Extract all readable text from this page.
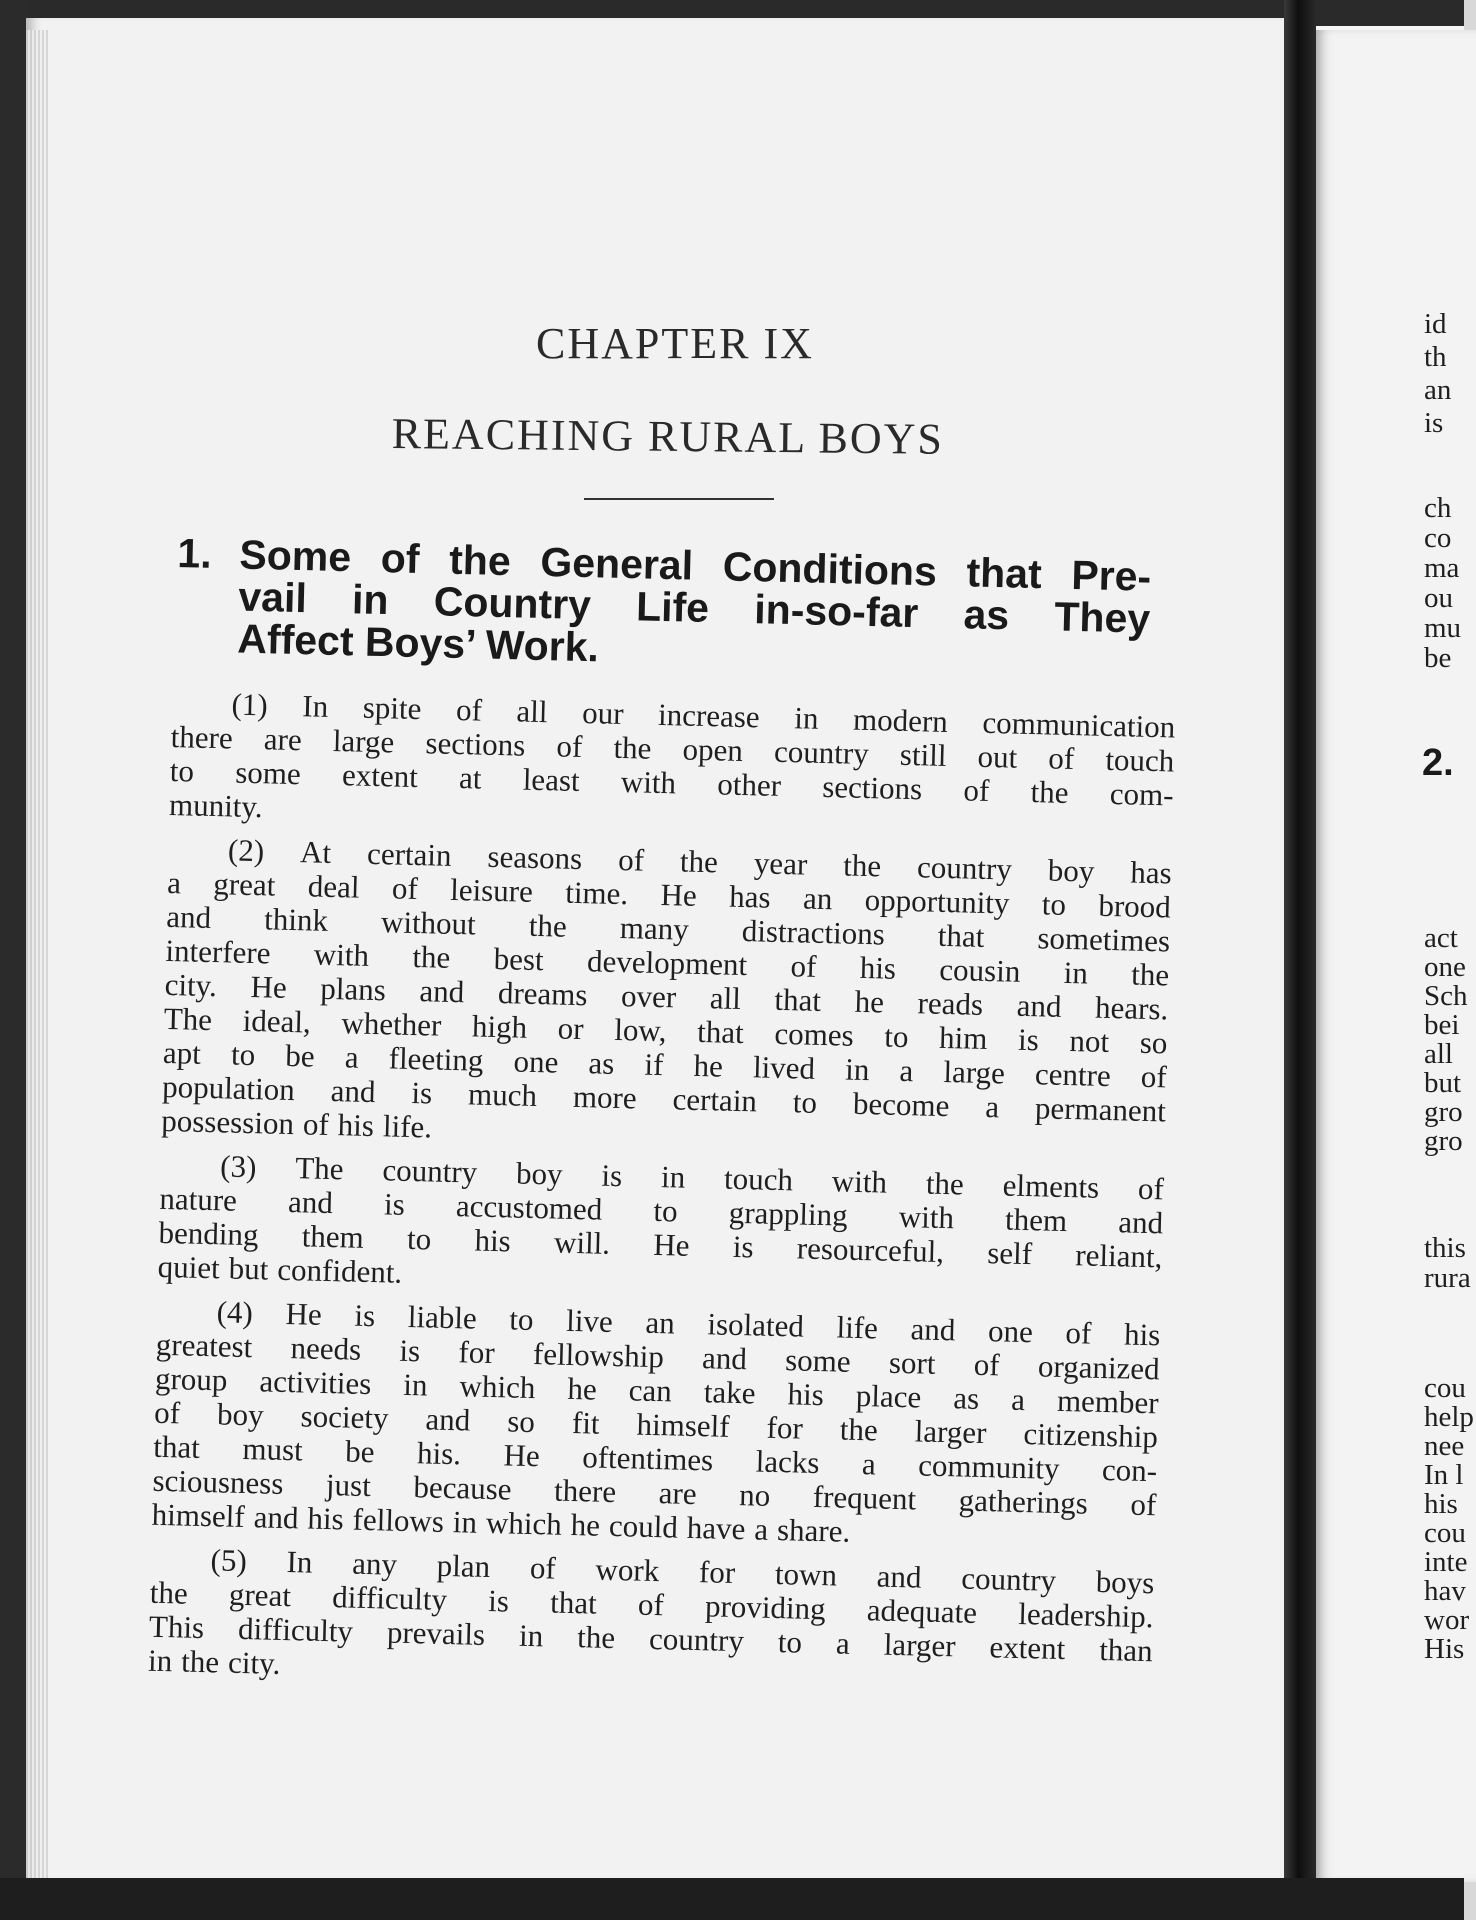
CHAPTER IX
REACHING RURAL BOYS
1. Some of the General Conditions that Pre-
vail in Country Life in-so-far as They
Affect Boys’ Work.
(1) In spite of all our increase in modern communication
there are large sections of the open country still out of touch
to some extent at least with other sections of the com-
munity.
(2) At certain seasons of the year the country boy has
a great deal of leisure time. He has an opportunity to brood
and think without the many distractions that sometimes
interfere with the best development of his cousin in the
city. He plans and dreams over all that he reads and hears.
The ideal, whether high or low, that comes to him is not so
apt to be a fleeting one as if he lived in a large centre of
population and is much more certain to become a permanent
possession of his life.
(3) The country boy is in touch with the elments of
nature and is accustomed to grappling with them and
bending them to his will. He is resourceful, self reliant,
quiet but confident.
(4) He is liable to live an isolated life and one of his
greatest needs is for fellowship and some sort of organized
group activities in which he can take his place as a member
of boy society and so fit himself for the larger citizenship
that must be his. He oftentimes lacks a community con-
sciousness just because there are no frequent gatherings of
himself and his fellows in which he could have a share.
(5) In any plan of work for town and country boys
the great difficulty is that of providing adequate leadership.
This difficulty prevails in the country to a larger extent than
in the city.
id
th
an
is
ch
co
ma
ou
mu
be
act
one
Sch
bei
all
but
gro
gro
this
rura
cou
help
nee
In l
his
cou
inte
hav
wor
His
2.
